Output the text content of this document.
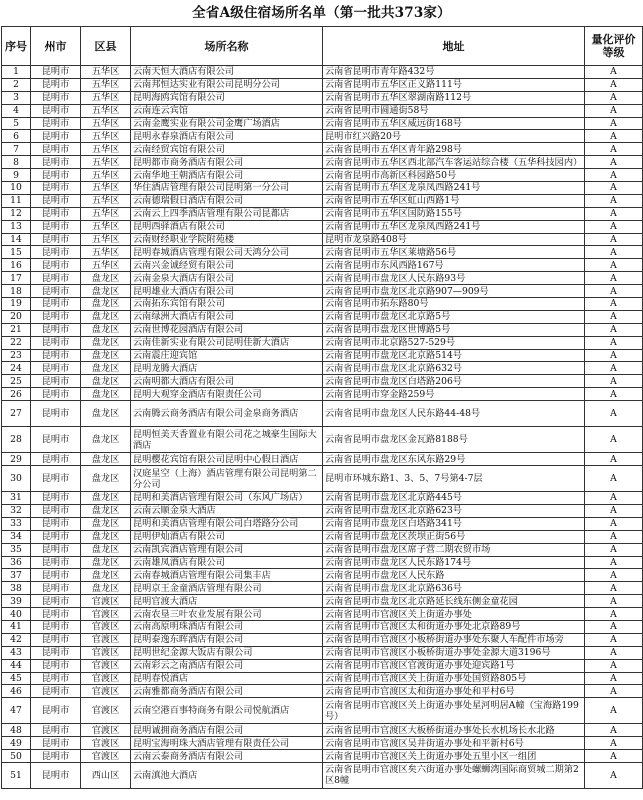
全省A级住宿场所名单（第一批共373家）
序号	州市	区县	场所名称	地址	量化评价等级
1	昆明市	五华区	云南天恒大酒店有限公司	云南省昆明市青年路432号	A
2	昆明市	五华区	云南邦恒达实业有限公司昆明分公司	云南省昆明市五华区正义路111号	A
3	昆明市	五华区	昆明海鸥宾馆有限公司	云南省昆明市五华区翠湖南路112号	A
4	昆明市	五华区	云南连云宾馆	云南省昆明市圆通街58号	A
5	昆明市	五华区	云南金鹰实业有限公司金鹰广场酒店	云南省昆明市五华区威远街168号	A
6	昆明市	五华区	昆明永春泉酒店有限公司	昆明市红兴路20号	A
7	昆明市	五华区	云南经贸宾馆有限公司	云南省昆明市五华区青年路298号	A
8	昆明市	五华区	昆明都市商务酒店有限公司	云南省昆明市五华区西北部汽车客运站综合楼（五华科技园内）	A
9	昆明市	五华区	云南华地王朝酒店有限公司	云南省昆明市高新区科园路50号	A
10	昆明市	五华区	华住酒店管理有限公司昆明第一分公司	云南省昆明市五华区龙泉凤西路241号	A
11	昆明市	五华区	云南德瑞假日酒店有限公司	云南省昆明市五华区虹山西路1号	A
12	昆明市	五华区	云南云上四季酒店管理有限公司昆都店	云南省昆明市五华区国防路155号	A
13	昆明市	五华区	昆明西驿酒店有限公司	云南省昆明市五华区龙泉凤西路241号	A
14	昆明市	五华区	云南财经职业学院附苑楼	昆明市龙泉路408号	A
15	昆明市	五华区	昆明春城酒店管理有限公司天鸿分公司	云南省昆明市五华区莱塘路56号	A
16	昆明市	五华区	云南兴金诚经贸有限公司	云南省昆明市东风西路167号	A
17	昆明市	盘龙区	云南金泉大酒店有限公司	云南省昆明市盘龙区人民东路93号	A
18	昆明市	盘龙区	昆明雄业大酒店有限公司	云南省昆明市盘龙区北京路907—909号	A
19	昆明市	盘龙区	云南拓东宾馆有限公司	云南省昆明市拓东路80号	A
20	昆明市	盘龙区	云南绿洲大酒店有限公司	云南省昆明市盘龙区北京路5号	A
21	昆明市	盘龙区	云南世博花园酒店有限公司	云南省昆明市盘龙区世博路5号	A
22	昆明市	盘龙区	云南佳新实业有限公司昆明佳新大酒店	云南省昆明市北京路527-529号	A
23	昆明市	盘龙区	云南震庄迎宾馆	云南省昆明市盘龙区北京路514号	A
24	昆明市	盘龙区	昆明龙腾大酒店	云南省昆明市盘龙区北京路632号	A
25	昆明市	盘龙区	云南明都大酒店有限公司	云南省昆明市盘龙区白塔路206号	A
26	昆明市	盘龙区	昆明大观穿金酒店有限责任公司	云南省昆明市穿金路259号	A
27	昆明市	盘龙区	云南腾云商务酒店有限公司金泉商务酒店	云南省昆明市盘龙区人民东路44-48号	A
28	昆明市	盘龙区	昆明恒美天香置业有限公司花之城豪生国际大酒店	云南省昆明市盘龙区金瓦路8188号	A
29	昆明市	盘龙区	昆明樱花宾馆有限公司昆明中心假日酒店	云南省昆明市盘龙区东风东路29号	A
30	昆明市	盘龙区	汉庭星空（上海）酒店管理有限公司昆明第二分公司	昆明市环城东路1、3、5、7号第4-7层	A
31	昆明市	盘龙区	昆明和美酒店管理有限公司（东风广场店）	云南省昆明市盘龙区北京路445号	A
32	昆明市	盘龙区	云南云顺金泉大酒店	云南省昆明市盘龙区北京路623号	A
33	昆明市	盘龙区	昆明和美酒店管理有限公司白塔路分公司	云南省昆明市盘龙区白塔路341号	A
34	昆明市	盘龙区	昆明伊灿酒店有限公司	云南省昆明市盘龙区茨坝正街56号	A
35	昆明市	盘龙区	云南凯宾酒店管理有限公司	云南省昆明市盘龙区席子营二期农贸市场	A
36	昆明市	盘龙区	云南雄凤酒店有限公司	云南省昆明市盘龙区人民东路174号	A
37	昆明市	盘龙区	云南春城酒店管理有限公司集丰店	云南省昆明市盘龙区人民东路	A
38	昆明市	盘龙区	昆明京王金童酒店管理有限公司	云南省昆明市盘龙区北京路636号	A
39	昆明市	官渡区	昆明官渡大酒店	云南省昆明市盘龙区北京路延长线东侧金童花园	A
40	昆明市	官渡区	云南农垦三叶农业发展有限公司	云南省昆明市官渡区关上街道办事处	A
41	昆明市	官渡区	云南高原明珠酒店有限公司	云南省昆明市官渡区太和街道办事处北京路89号	A
42	昆明市	官渡区	昆明泰逸东晖酒店有限公司	云南省昆明市官渡区小板桥街道办事处东聚人车配件市场旁	A
43	昆明市	官渡区	昆明世纪金源大饭店有限公司	云南省昆明市官渡区小板桥街道办事处金源大道3196号	A
44	昆明市	官渡区	云南彩云之南酒店有限公司	云南省昆明市官渡区官渡街道办事处迎宾路1号	A
45	昆明市	官渡区	昆明春悦酒店	云南省昆明市官渡区关上街道办事处国贸路805号	A
46	昆明市	官渡区	云南雅都商务酒店有限公司	云南省昆明市官渡区太和街道办事处和平村6号	A
47	昆明市	官渡区	云南空港百事特商务有限公司悦航酒店	云南省昆明市官渡区关上街道办事处星河明居A幢（宝海路199号）	A
48	昆明市	官渡区	昆明诚拥商务酒店有限公司	云南省昆明市官渡区大板桥街道办事处长水机场长水北路	A
49	昆明市	官渡区	昆明宝海明珠大酒店管理有限责任公司	云南省昆明市官渡区吴井街道办事处和平新村6号	A
50	昆明市	官渡区	云南云泰商务酒店有限公司	云南省昆明市官渡区关上街道办事处五里小区一组团	A
51	昆明市	西山区	云南滇池大酒店	云南省昆明市官渡区矣六街道办事处螺蛳湾国际商贸城二期第2区8幢	A
